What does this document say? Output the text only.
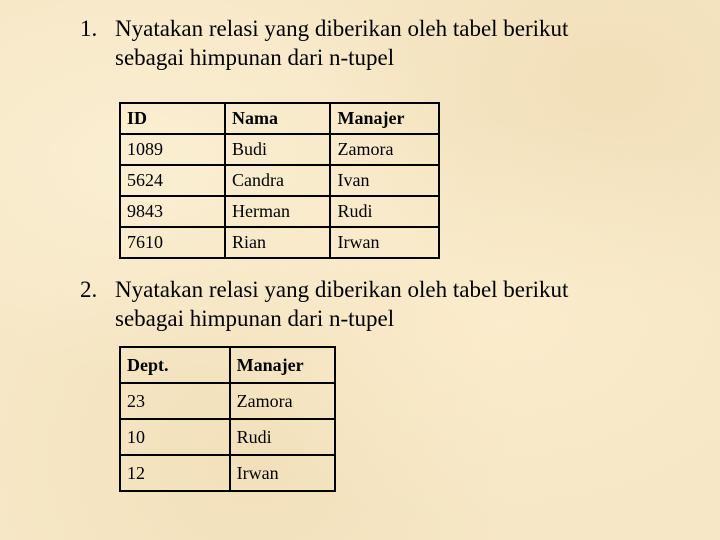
1. Nyatakan relasi yang diberikan oleh tabel berikut
sebagai himpunan dari n-tupel
ID	Nama	Manajer
1089	Budi	Zamora
5624	Candra	Ivan
9843	Herman	Rudi
7610	Rian	Irwan
2. Nyatakan relasi yang diberikan oleh tabel berikut
sebagai himpunan dari n-tupel
Dept.	Manajer
23	Zamora
10	Rudi
12	Irwan
